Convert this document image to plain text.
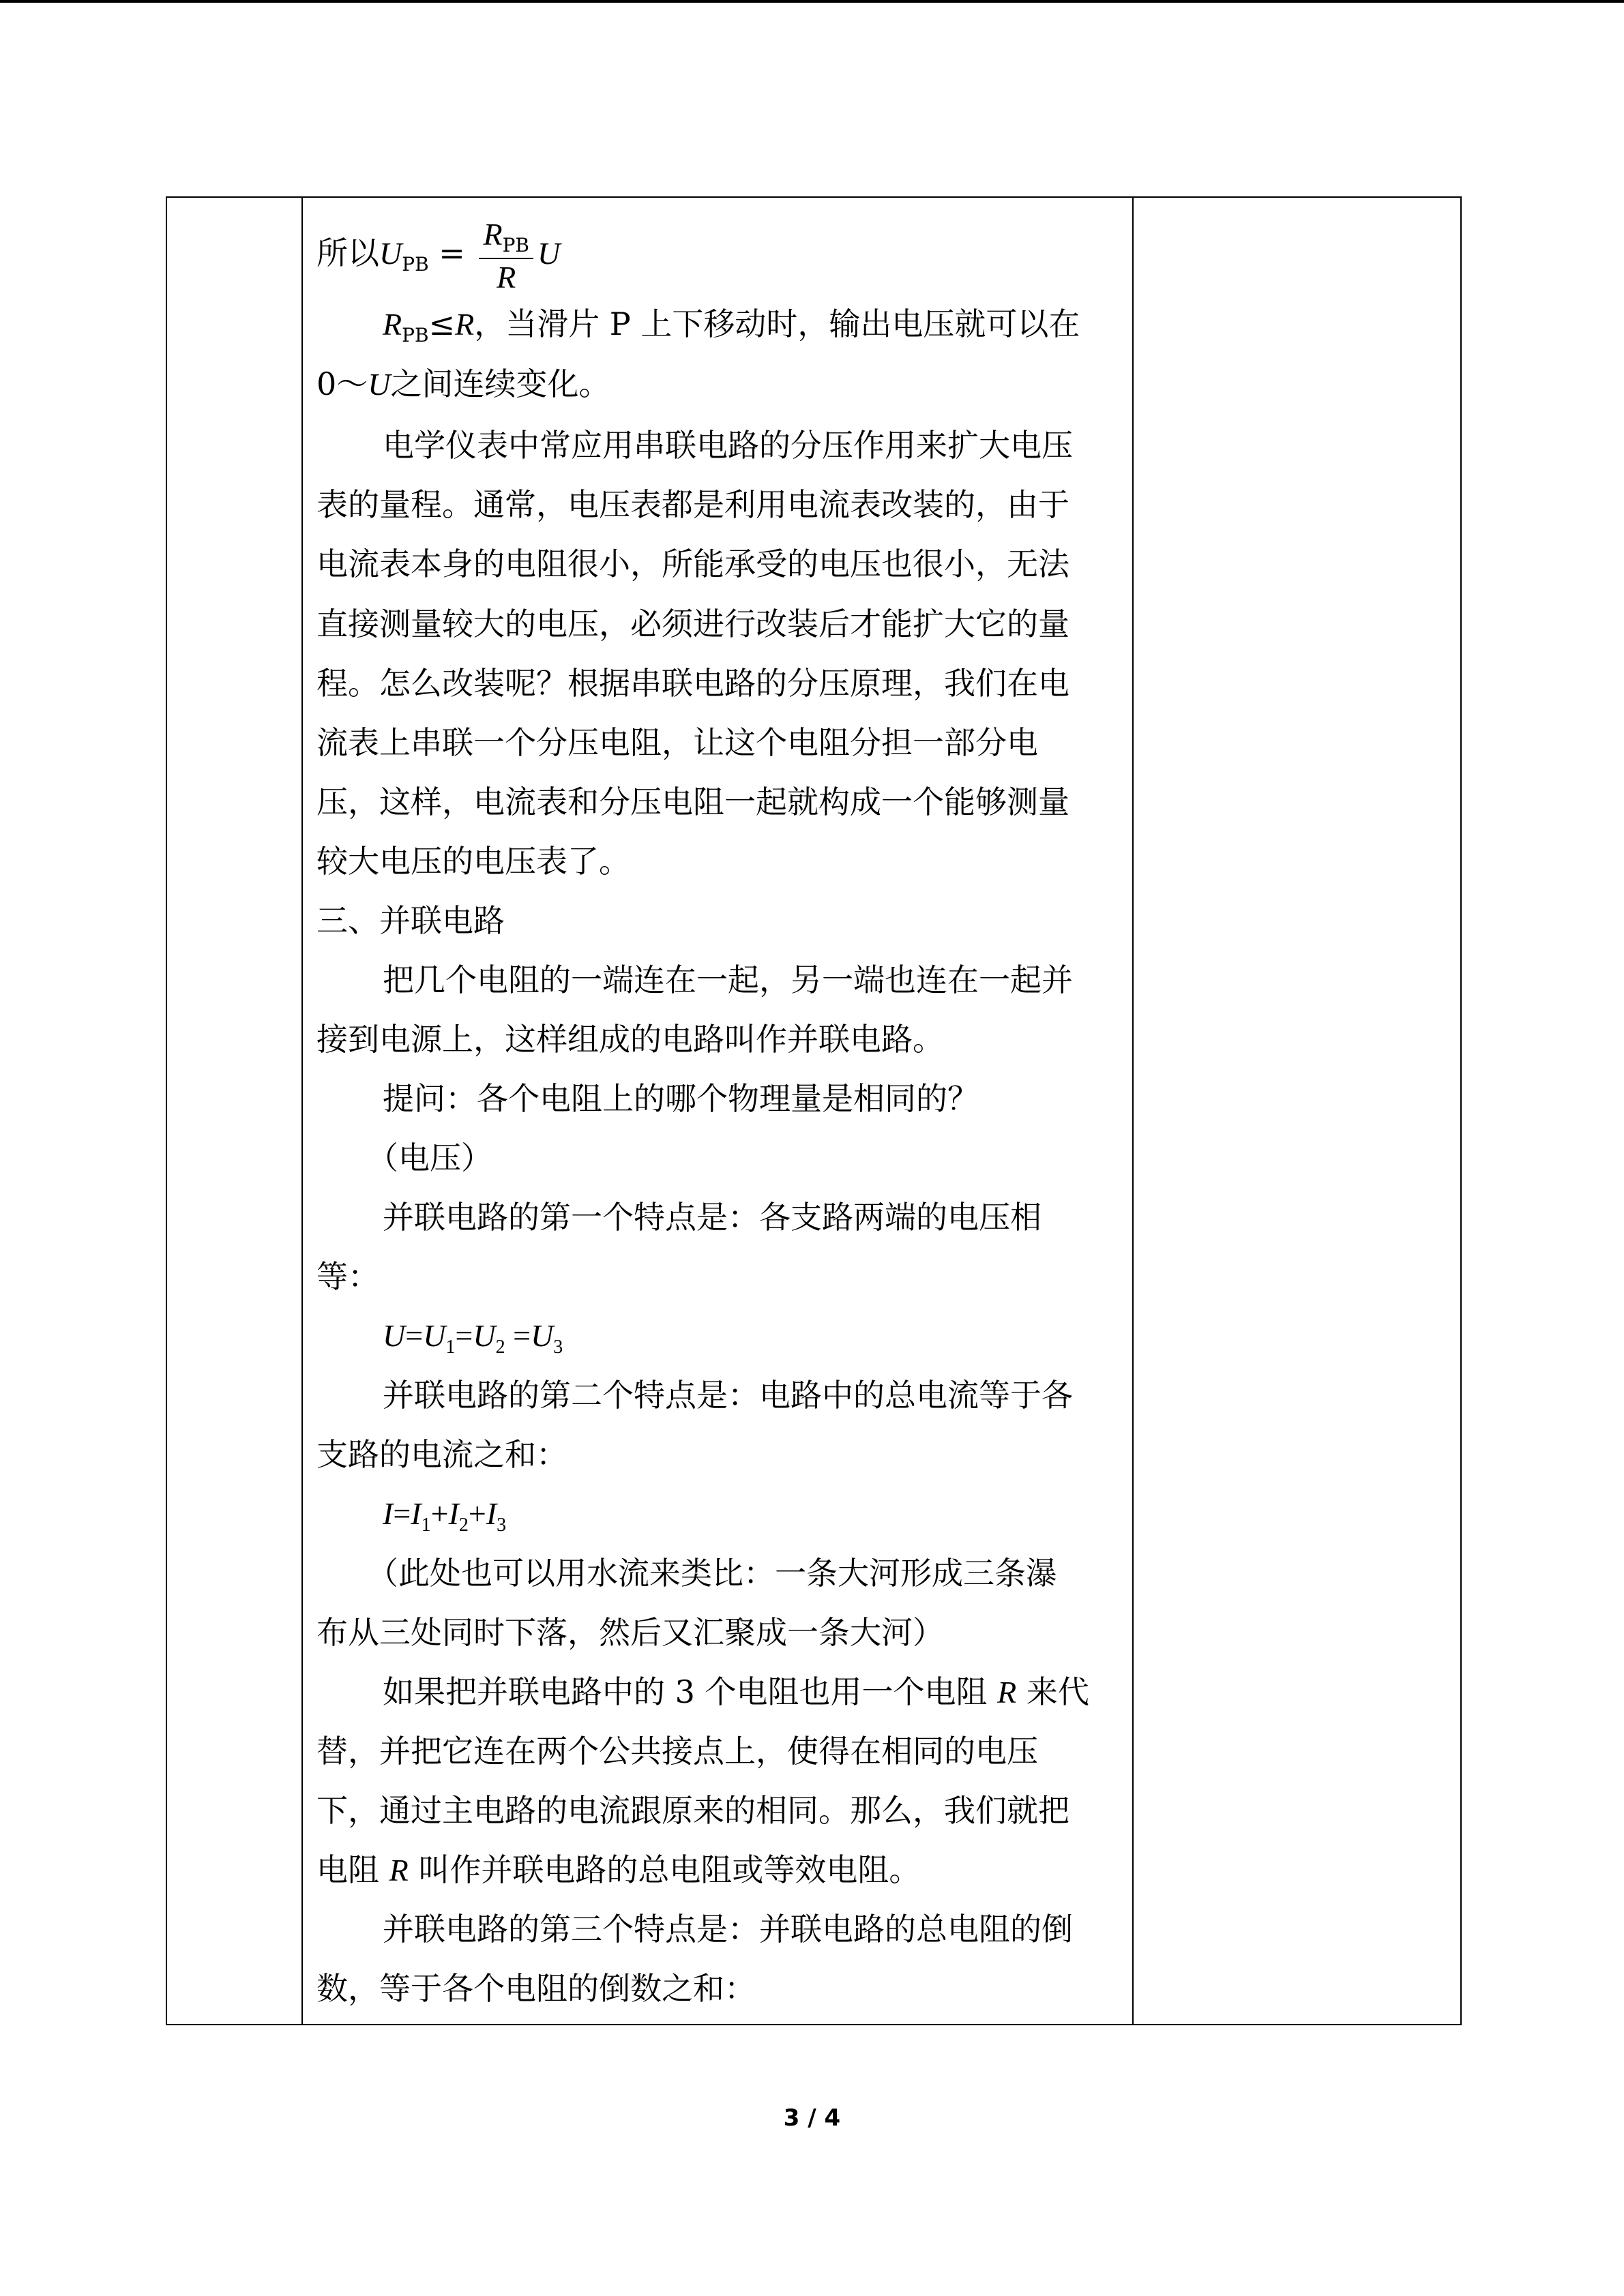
所以$U_{PB} = \frac{R_{PB}}{R}$ U
$R_{PB}\le R$，当滑片 P 上下移动时，输出电压就可以在
0～U之间连续变化。
电学仪表中常应用串联电路的分压作用来扩大电压
表的量程。通常，电压表都是利用电流表改装的，由于
电流表本身的电阻很小，所能承受的电压也很小，无法
直接测量较大的电压，必须进行改装后才能扩大它的量
程。怎么改装呢？根据串联电路的分压原理，我们在电
流表上串联一个分压电阻，让这个电阻分担一部分电
压，这样，电流表和分压电阻一起就构成一个能够测量
较大电压的电压表了。
三、并联电路
把几个电阻的一端连在一起，另一端也连在一起并
接到电源上，这样组成的电路叫作并联电路。
提问：各个电阻上的哪个物理量是相同的？
（电压）
并联电路的第一个特点是：各支路两端的电压相
等：
$U=U_1=U_2 =U_3$
并联电路的第二个特点是：电路中的总电流等于各
支路的电流之和：
$I=I_1+I_2+I_3$
（此处也可以用水流来类比：一条大河形成三条瀑
布从三处同时下落，然后又汇聚成一条大河）
如果把并联电路中的 3 个电阻也用一个电阻 R 来代
替，并把它连在两个公共接点上，使得在相同的电压
下，通过主电路的电流跟原来的相同。那么，我们就把
电阻 R 叫作并联电路的总电阻或等效电阻。
并联电路的第三个特点是：并联电路的总电阻的倒
数，等于各个电阻的倒数之和：
3 / 4
